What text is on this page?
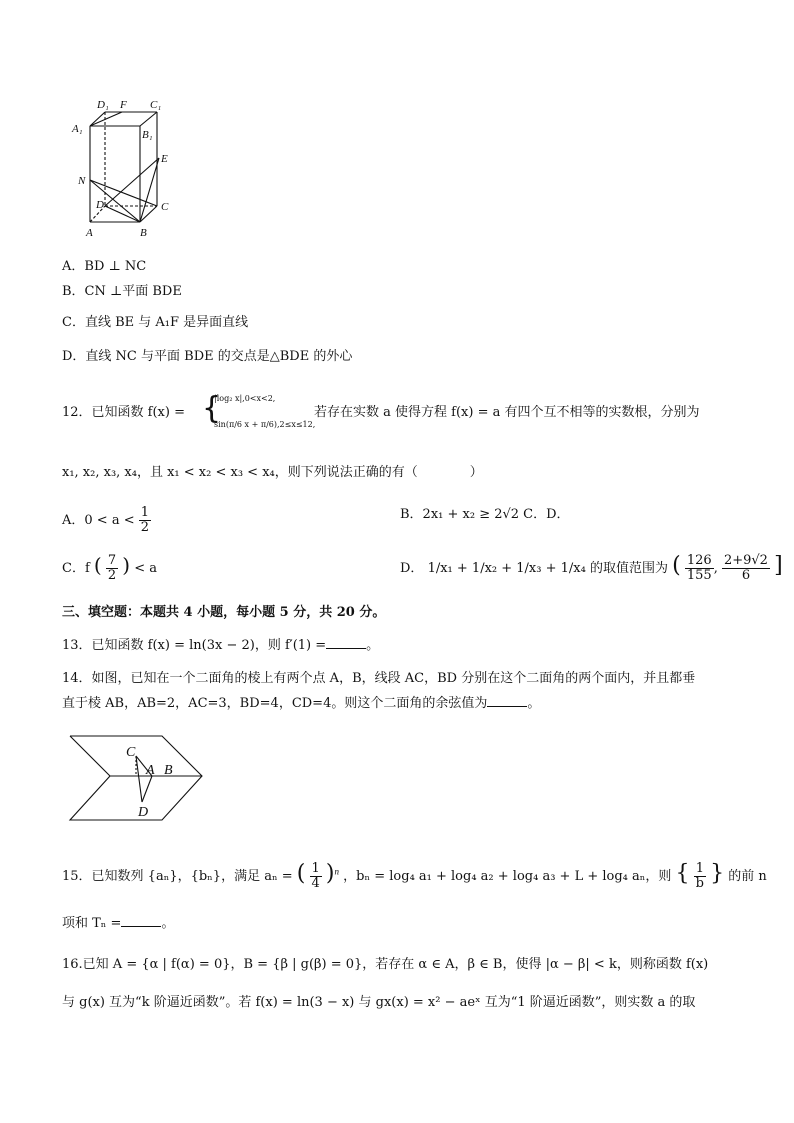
D₁ F C₁
A₁	B₁
E
N
D	C
A	B
A．BD ⊥ NC
B．CN ⊥平面 BDE
C．直线 BE 与 A₁F 是异面直线
D．直线 NC 与平面 BDE 的交点是△BDE 的外心
12．已知函数 f(x) = {
|log₂ x|,0<x<2,
sin(π/6 x + π/6),2≤x≤12,
若存在实数 a 使得方程 f(x) = a 有四个互不相等的实数根，分别为
x₁, x₂, x₃, x₄，且 x₁ < x₂ < x₃ < x₄，则下列说法正确的有（　　　　）
A．$0 < a < \frac{1}{2}$	B．2x₁ + x₂ ≥ 2√2 C．D．
C．f ( $\frac{7}{2}$ ) < a	D． 1/x₁ + 1/x₂ + 1/x₃ + 1/x₄ 的取值范围为 ( $\frac{126}{155}$ , $\frac{2+9√2}{6}$ ]
三、填空题：本题共 4 小题，每小题 5 分，共 20 分。
13．已知函数 f(x) = ln(3x − 2)，则 f′(1) =	。
14．如图，已知在一个二面角的棱上有两个点 A，B，线段 AC，BD 分别在这个二面角的两个面内，并且都垂
直于棱 AB，AB=2，AC=3，BD=4，CD=4。则这个二面角的余弦值为	。
C
A B
D
15．已知数列 {aₙ}，{bₙ}，满足 aₙ = ( $\frac{1}{4} )^n$ ，bₙ = log₄ a₁ + log₄ a₂ + log₄ a₃ + L + log₄ aₙ，则 { $\frac{1}{b}$ } 的前 n
项和 Tₙ =	。
16.已知 A = {α | f(α) = 0}，B = {β | g(β) = 0}，若存在 α ∈ A，β ∈ B，使得 |α − β| < k，则称函数 f(x)
与 g(x) 互为“k 阶逼近函数”。若 f(x) = ln(3 − x) 与 gx(x) = x² − aeˣ 互为“1 阶逼近函数”，则实数 a 的取
